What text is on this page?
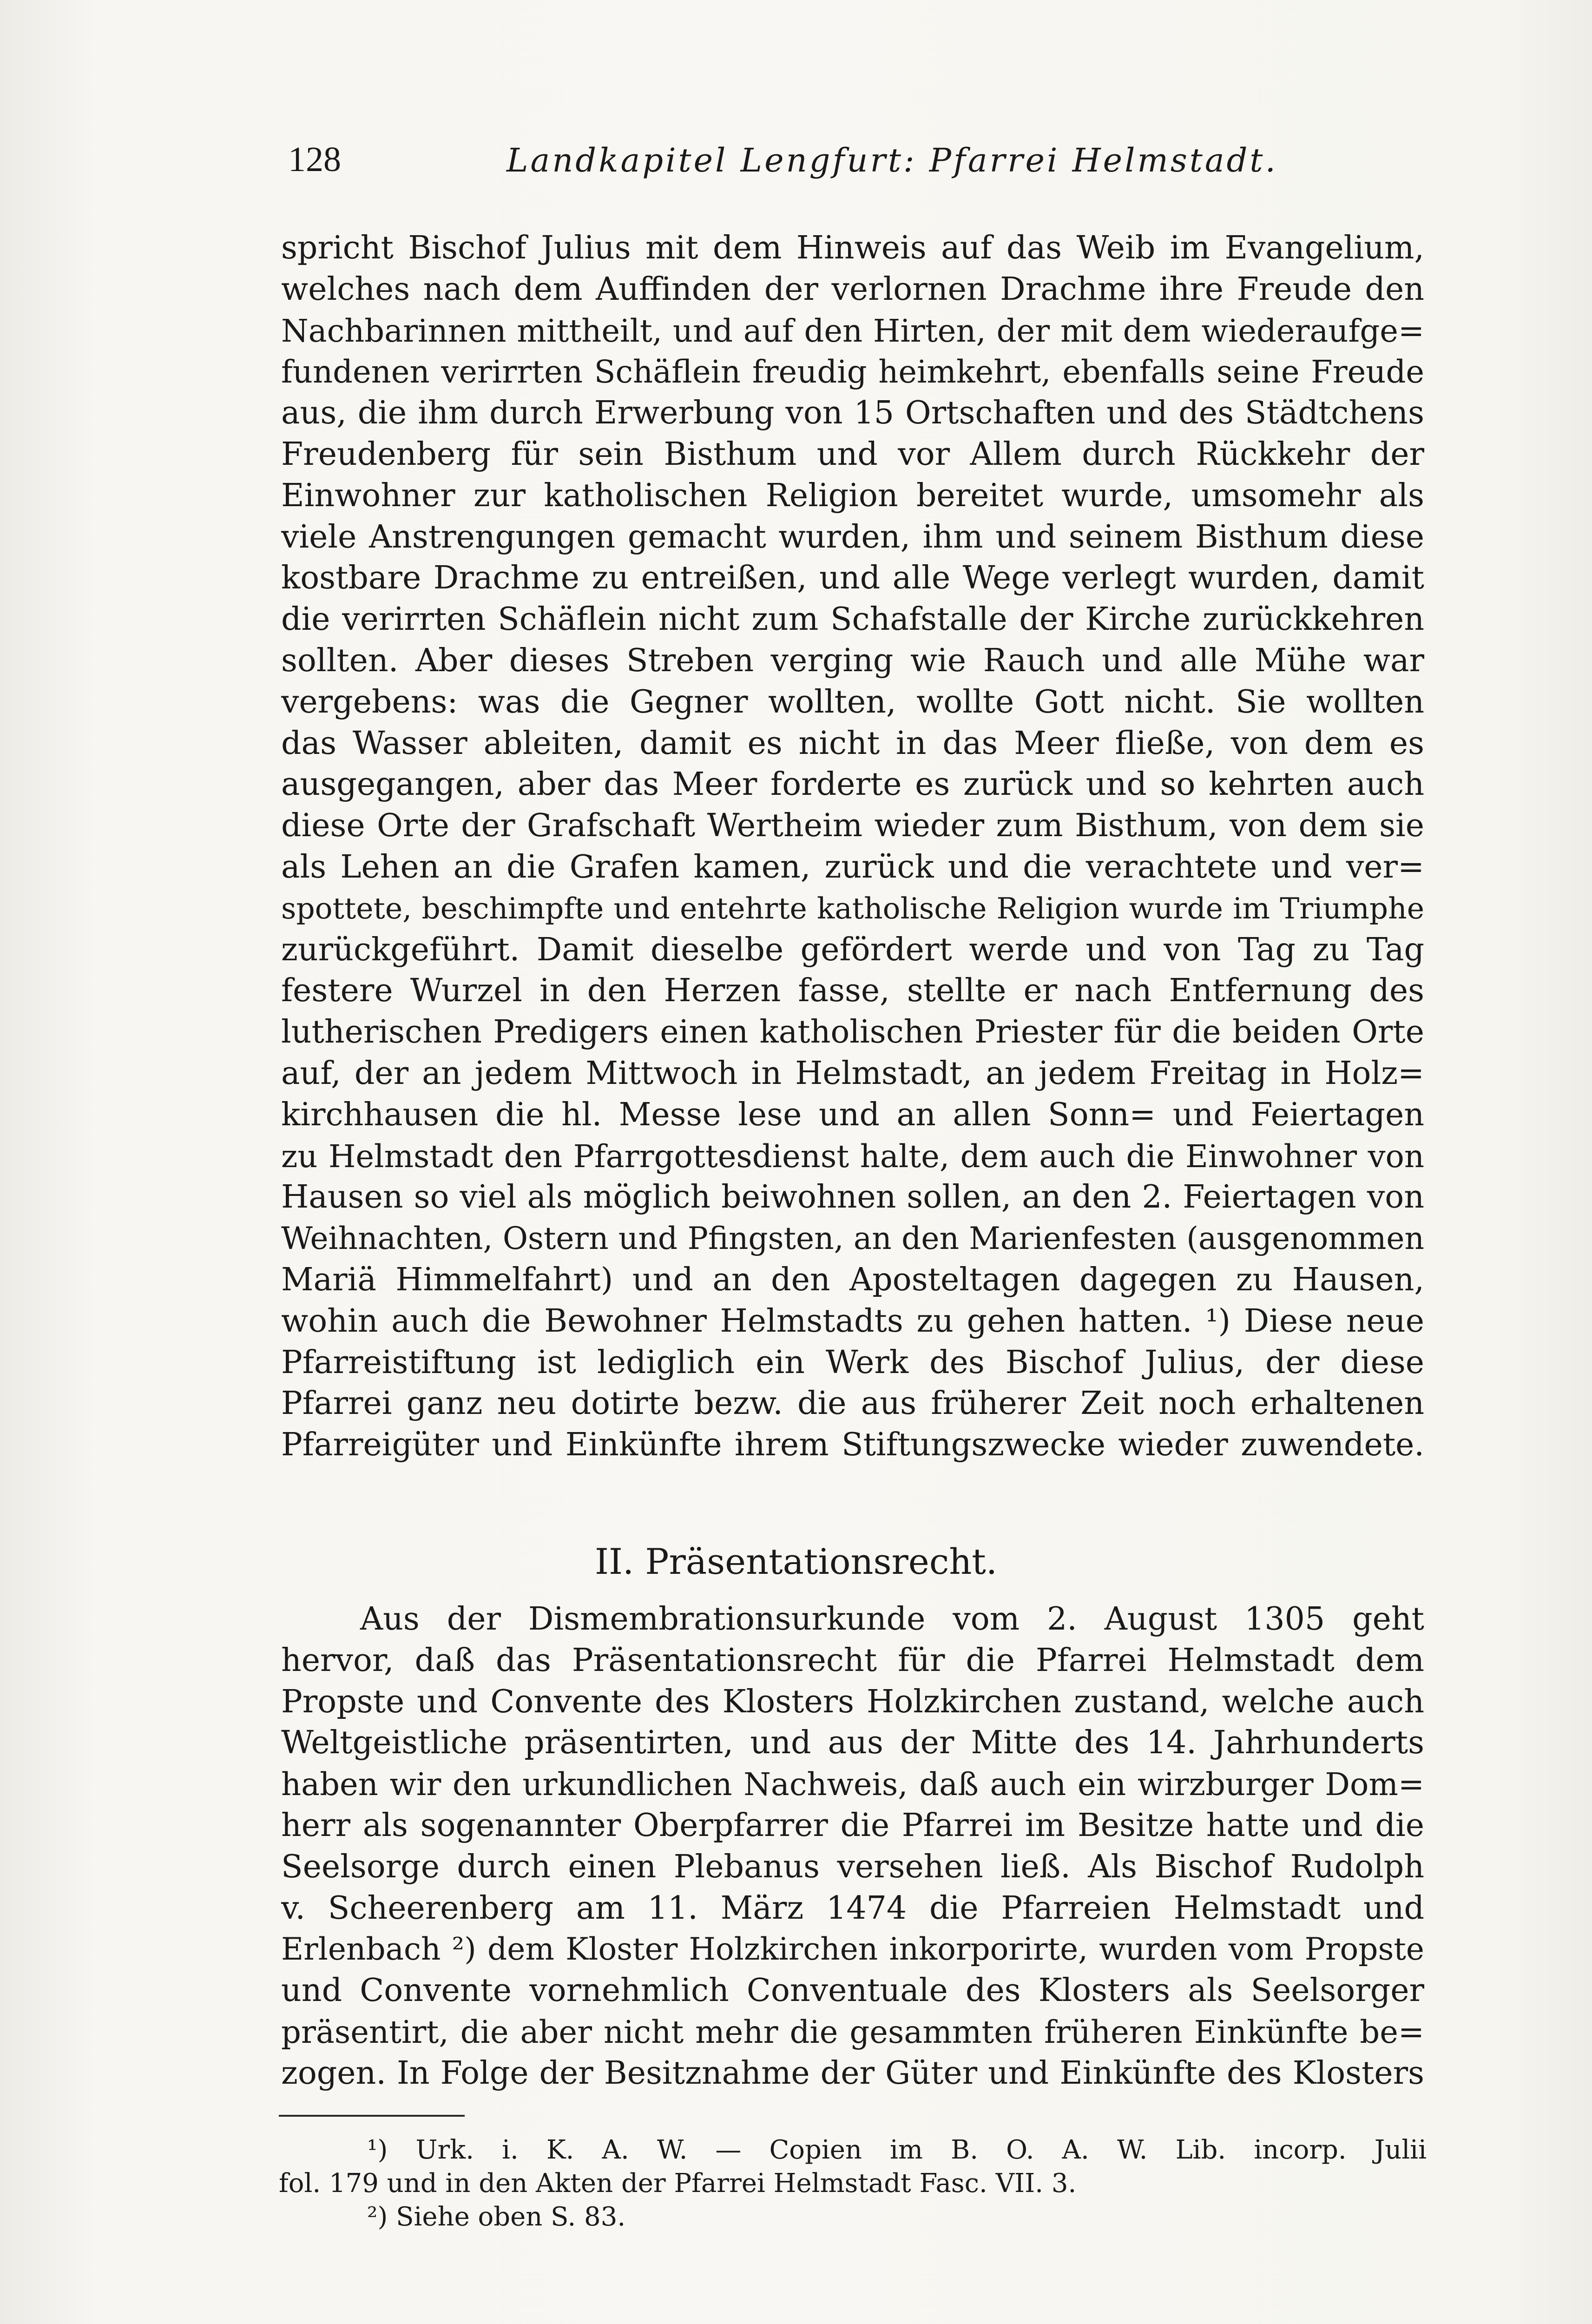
128	Landkapitel Lengfurt: Pfarrei Helmstadt.
spricht Bischof Julius mit dem Hinweis auf das Weib im Evangelium,
welches nach dem Auffinden der verlornen Drachme ihre Freude den
Nachbarinnen mittheilt, und auf den Hirten, der mit dem wiederaufge=
fundenen verirrten Schäflein freudig heimkehrt, ebenfalls seine Freude
aus, die ihm durch Erwerbung von 15 Ortschaften und des Städtchens
Freudenberg für sein Bisthum und vor Allem durch Rückkehr der
Einwohner zur katholischen Religion bereitet wurde, umsomehr als
viele Anstrengungen gemacht wurden, ihm und seinem Bisthum diese
kostbare Drachme zu entreißen, und alle Wege verlegt wurden, damit
die verirrten Schäflein nicht zum Schafstalle der Kirche zurückkehren
sollten. Aber dieses Streben verging wie Rauch und alle Mühe war
vergebens: was die Gegner wollten, wollte Gott nicht. Sie wollten
das Wasser ableiten, damit es nicht in das Meer fließe, von dem es
ausgegangen, aber das Meer forderte es zurück und so kehrten auch
diese Orte der Grafschaft Wertheim wieder zum Bisthum, von dem sie
als Lehen an die Grafen kamen, zurück und die verachtete und ver=
spottete, beschimpfte und entehrte katholische Religion wurde im Triumphe
zurückgeführt. Damit dieselbe gefördert werde und von Tag zu Tag
festere Wurzel in den Herzen fasse, stellte er nach Entfernung des
lutherischen Predigers einen katholischen Priester für die beiden Orte
auf, der an jedem Mittwoch in Helmstadt, an jedem Freitag in Holz=
kirchhausen die hl. Messe lese und an allen Sonn= und Feiertagen
zu Helmstadt den Pfarrgottesdienst halte, dem auch die Einwohner von
Hausen so viel als möglich beiwohnen sollen, an den 2. Feiertagen von
Weihnachten, Ostern und Pfingsten, an den Marienfesten (ausgenommen
Mariä Himmelfahrt) und an den Aposteltagen dagegen zu Hausen,
wohin auch die Bewohner Helmstadts zu gehen hatten. ¹) Diese neue
Pfarreistiftung ist lediglich ein Werk des Bischof Julius, der diese
Pfarrei ganz neu dotirte bezw. die aus früherer Zeit noch erhaltenen
Pfarreigüter und Einkünfte ihrem Stiftungszwecke wieder zuwendete.
II. Präsentationsrecht.
Aus der Dismembrationsurkunde vom 2. August 1305 geht
hervor, daß das Präsentationsrecht für die Pfarrei Helmstadt dem
Propste und Convente des Klosters Holzkirchen zustand, welche auch
Weltgeistliche präsentirten, und aus der Mitte des 14. Jahrhunderts
haben wir den urkundlichen Nachweis, daß auch ein wirzburger Dom=
herr als sogenannter Oberpfarrer die Pfarrei im Besitze hatte und die
Seelsorge durch einen Plebanus versehen ließ. Als Bischof Rudolph
v. Scheerenberg am 11. März 1474 die Pfarreien Helmstadt und
Erlenbach ²) dem Kloster Holzkirchen inkorporirte, wurden vom Propste
und Convente vornehmlich Conventuale des Klosters als Seelsorger
präsentirt, die aber nicht mehr die gesammten früheren Einkünfte be=
zogen. In Folge der Besitznahme der Güter und Einkünfte des Klosters
¹) Urk. i. K. A. W. — Copien im B. O. A. W. Lib. incorp. Julii
fol. 179 und in den Akten der Pfarrei Helmstadt Fasc. VII. 3.
²) Siehe oben S. 83.
